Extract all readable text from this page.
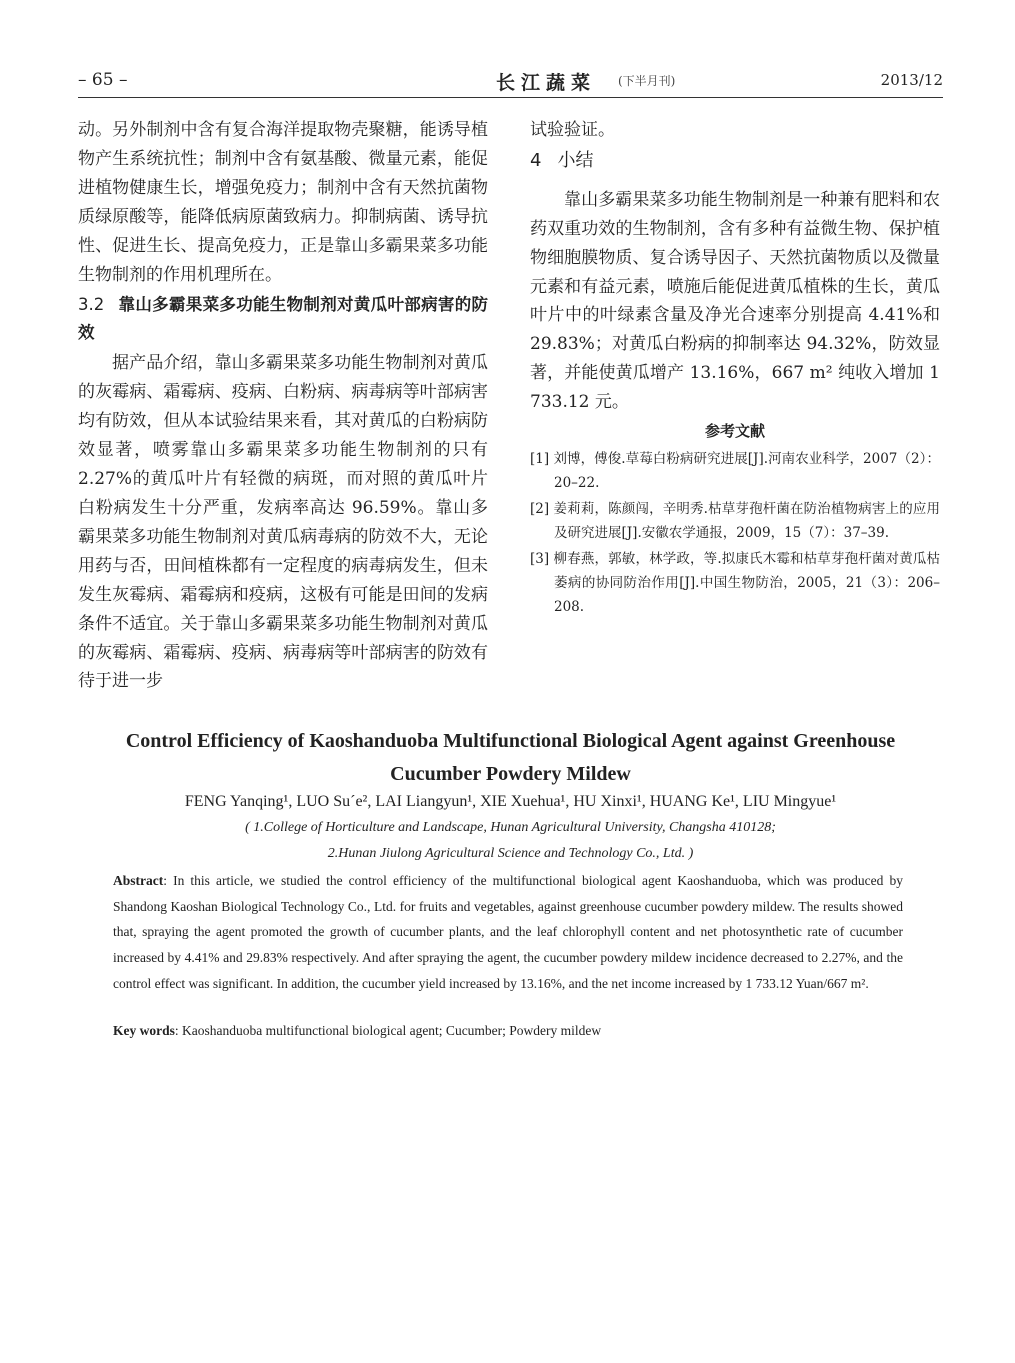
– 65 –	长江蔬菜 (下半月刊)	2013/12

动。另外制剂中含有复合海洋提取物壳聚糖，能诱导植物产生系统抗性；制剂中含有氨基酸、微量元素，能促进植物健康生长，增强免疫力；制剂中含有天然抗菌物质绿原酸等，能降低病原菌致病力。抑制病菌、诱导抗性、促进生长、提高免疫力，正是靠山多霸果菜多功能生物制剂的作用机理所在。

3.2 靠山多霸果菜多功能生物制剂对黄瓜叶部病害的防效

据产品介绍，靠山多霸果菜多功能生物制剂对黄瓜的灰霉病、霜霉病、疫病、白粉病、病毒病等叶部病害均有防效，但从本试验结果来看，其对黄瓜的白粉病防效显著，喷雾靠山多霸果菜多功能生物制剂的只有 2.27%的黄瓜叶片有轻微的病斑，而对照的黄瓜叶片白粉病发生十分严重，发病率高达 96.59%。靠山多霸果菜多功能生物制剂对黄瓜病毒病的防效不大，无论用药与否，田间植株都有一定程度的病毒病发生，但未发生灰霉病、霜霉病和疫病，这极有可能是田间的发病条件不适宜。关于靠山多霸果菜多功能生物制剂对黄瓜的灰霉病、霜霉病、疫病、病毒病等叶部病害的防效有待于进一步

试验验证。

4 小结

靠山多霸果菜多功能生物制剂是一种兼有肥料和农药双重功效的生物制剂，含有多种有益微生物、保护植物细胞膜物质、复合诱导因子、天然抗菌物质以及微量元素和有益元素，喷施后能促进黄瓜植株的生长，黄瓜叶片中的叶绿素含量及净光合速率分别提高 4.41%和 29.83%；对黄瓜白粉病的抑制率达 94.32%，防效显著，并能使黄瓜增产 13.16%，667 m² 纯收入增加 1 733.12 元。

参考文献

[1] 刘博，傅俊.草莓白粉病研究进展[J].河南农业科学，2007（2）：20–22.

[2] 姜莉莉，陈颜闯，辛明秀.枯草芽孢杆菌在防治植物病害上的应用及研究进展[J].安徽农学通报，2009，15（7）：37–39.

[3] 柳春燕，郭敏，林学政，等.拟康氏木霉和枯草芽孢杆菌对黄瓜枯萎病的协同防治作用[J].中国生物防治，2005，21（3）：206–208.

Control Efficiency of Kaoshanduoba Multifunctional Biological Agent against Greenhouse Cucumber Powdery Mildew
FENG Yanqing¹, LUO Su´e², LAI Liangyun¹, XIE Xuehua¹, HU Xinxi¹, HUANG Ke¹, LIU Mingyue¹
( 1.College of Horticulture and Landscape, Hunan Agricultural University, Changsha 410128;
2.Hunan Jiulong Agricultural Science and Technology Co., Ltd. )

Abstract: In this article, we studied the control efficiency of the multifunctional biological agent Kaoshanduoba, which was produced by Shandong Kaoshan Biological Technology Co., Ltd. for fruits and vegetables, against greenhouse cucumber powdery mildew. The results showed that, spraying the agent promoted the growth of cucumber plants, and the leaf chlorophyll content and net photosynthetic rate of cucumber increased by 4.41% and 29.83% respectively. And after spraying the agent, the cucumber powdery mildew incidence decreased to 2.27%, and the control effect was significant. In addition, the cucumber yield increased by 13.16%, and the net income increased by 1 733.12 Yuan/667 m².

Key words: Kaoshanduoba multifunctional biological agent; Cucumber; Powdery mildew
